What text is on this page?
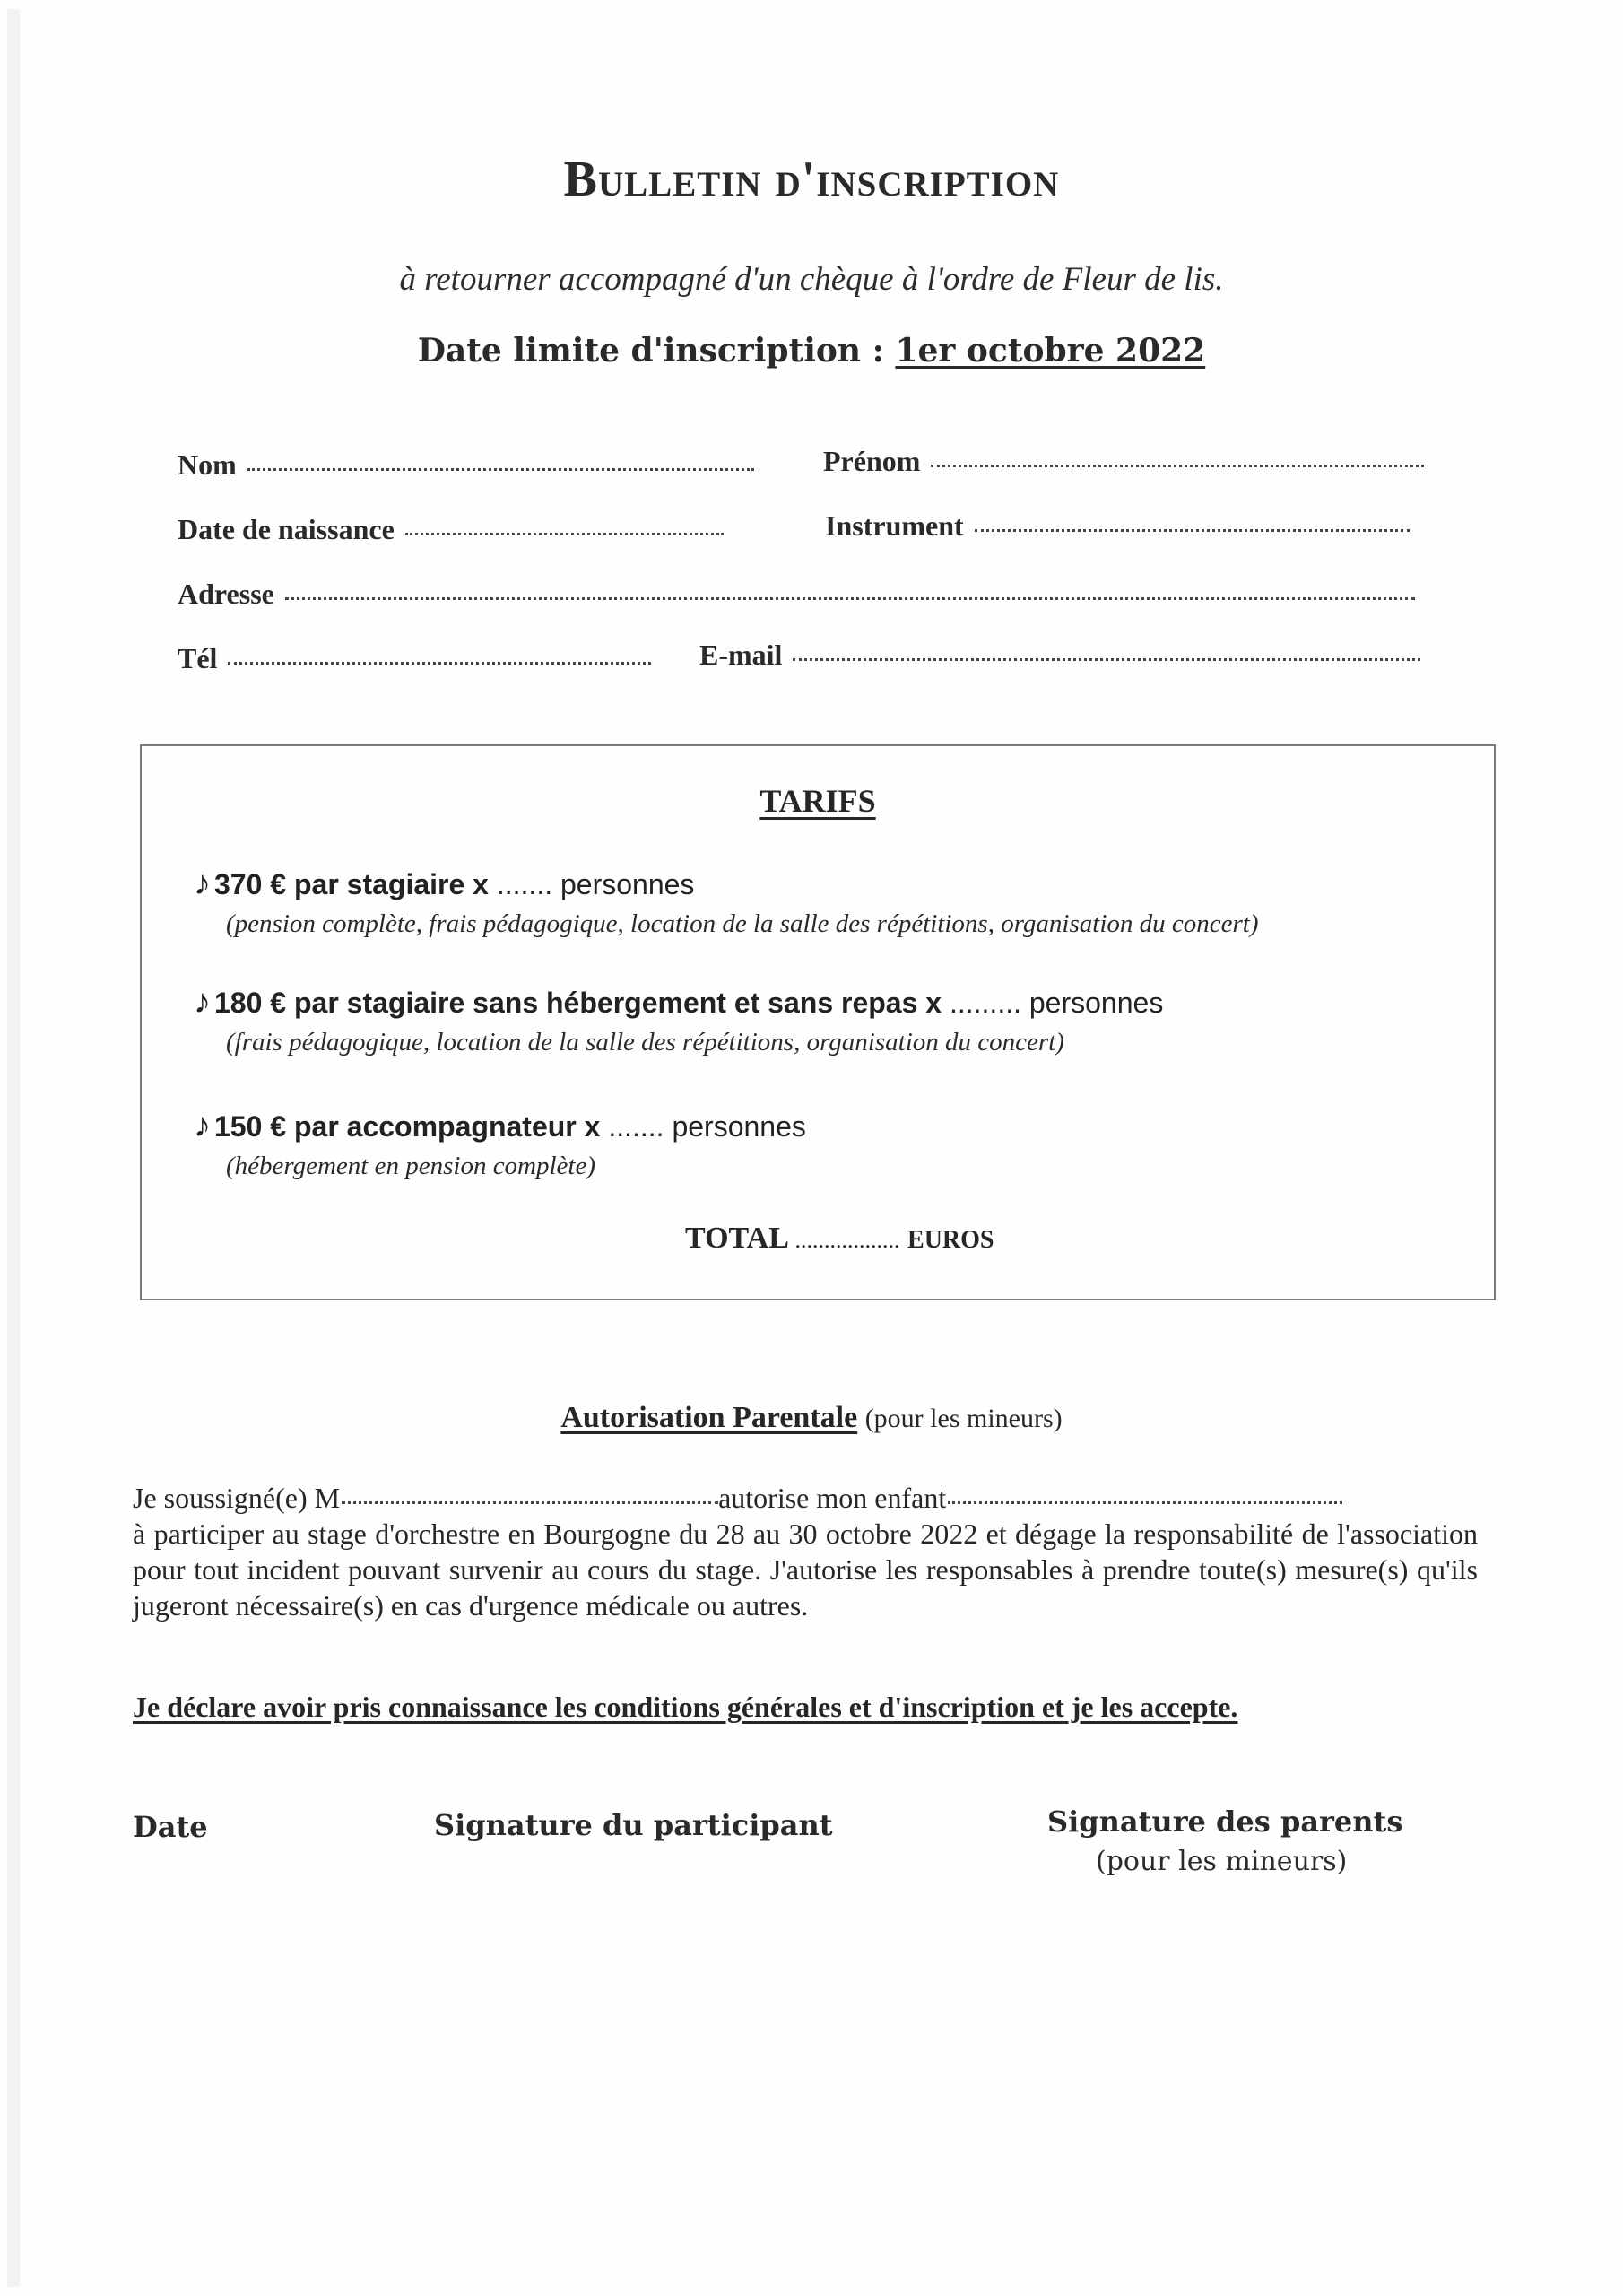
Bulletin d'inscription
à retourner accompagné d'un chèque à l'ordre de Fleur de lis.
Date limite d'inscription : 1er octobre 2022
Nom	Prénom
Date de naissance	Instrument
Adresse
Tél	E-mail
TARIFS
♪ 370 € par stagiaire x ....... personnes
(pension complète, frais pédagogique, location de la salle des répétitions, organisation du concert)
♪ 180 € par stagiaire sans hébergement et sans repas x ......... personnes
(frais pédagogique, location de la salle des répétitions, organisation du concert)
♪ 150 € par accompagnateur x ....... personnes
(hébergement en pension complète)
TOTAL .................. EUROS
Autorisation Parentale (pour les mineurs)
Je soussigné(e) M	autorise mon enfant
à participer au stage d'orchestre en Bourgogne du 28 au 30 octobre 2022 et dégage la responsabilité de l'association pour tout incident pouvant survenir au cours du stage. J'autorise les responsables à prendre toute(s) mesure(s) qu'ils jugeront nécessaire(s) en cas d'urgence médicale ou autres.
Je déclare avoir pris connaissance les conditions générales et d'inscription et je les accepte.
Date	Signature du participant	Signature des parents
(pour les mineurs)
